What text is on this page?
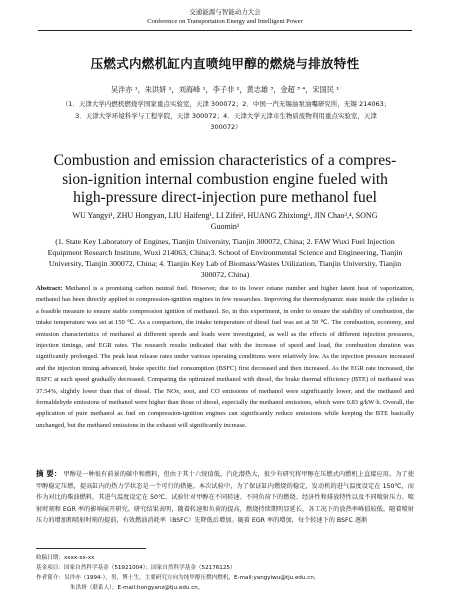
交通能源与智能动力大会
Conference on Transportation Energy and Intelligent Power
压燃式内燃机缸内直喷纯甲醇的燃烧与排放特性
吴泮亦 ¹，朱洪妍 ¹，刘海峰 ¹，李子非 ²，黄志雄 ³，金超 ³ ⁴，宋国民 ¹
（1．天津大学内燃机燃烧学国家重点实验室，天津 300072；2．中国一汽无锡油泵油嘴研究所，无锡 214063；
3．天津大学环境科学与工程学院，天津 300072；4．天津大学天津市生物质废物利用重点实验室，天津
300072）
Combustion and emission characteristics of a compres-
sion-ignition internal combustion engine fueled with
high-pressure direct-injection pure methanol fuel
WU Yangyi¹, ZHU Hongyan, LIU Haifeng¹, LI Zifei², HUANG Zhixiong³, JIN Chao³,⁴, SONG
Guomin¹
(1. State Key Laboratory of Engines, Tianjin University, Tianjin 300072, China; 2. FAW Wuxi Fuel Injection Equipment Research Institute, Wuxi 214063, China;3. School of Environmental Science and Engineering, Tianjin University, Tianjin 300072, China; 4. Tianjin Key Lab of Biomass/Wastes Utilization, Tianjin University, Tianjin 300072, China)
Abstract: Methanol is a promising carbon neutral fuel. However, due to its lower cetane number and higher latent heat of vaporization, methanol has been directly applied to compression-ignition engines in few researches. Improving the thermodynamic state inside the cylinder is a feasible measure to ensure stable compression ignition of methanol. So, in this experiment, in order to ensure the stability of combustion, the intake temperature was set at 150 ℃. As a comparison, the intake temperature of diesel fuel was set at 50 ℃. The combustion, economy, and emission characteristics of methanol at different speeds and loads were investigated, as well as the effects of different injection pressures, injection timings, and EGR rates. The research results indicated that with the increase of speed and load, the combustion duration was significantly prolonged. The peak heat release rates under various operating conditions were relatively low. As the injection pressure increased and the injection timing advanced, brake specific fuel consumption (BSFC) first decreased and then increased. As the EGR rate increased, the BSFC at each speed gradually decreased. Comparing the optimized methanol with diesel, the brake thermal efficiency (BTE) of methanol was 37.54%, slightly lower than that of diesel. The NOx, soot, and CO emissions of methanol were significantly lower, and the methanol and formaldehyde emissions of methanol were higher than those of diesel, especially the methanol emissions, which were 0.83 g/kW·h. Overall, the application of pure methanol as fuel on compression-ignition engines can significantly reduce emissions while keeping the BTE basically unchanged, but the methanol emissions in the exhaust will significantly increase.
摘 要： 甲醇是一种很有前景的碳中和燃料，但由于其十六烷值低，汽化潜热大，很少有研究将甲醇在压燃式内燃机上直接应用。为了使甲醇稳定压燃，提高缸内的热力学状态是一个可行的措施。本次试验中，为了保证缸内燃烧的稳定，发动机的进气温度设定在 150℃，而作为对比的柴油燃料，其进气温度设定在 50℃。试验针对甲醇在不同转速、不同负荷下的燃烧、经济性和排放特性以及不同喷射压力、喷射时刻和 EGR 率的影响展开研究。研究结果表明，随着转速和负荷的提高，燃烧持续期明显延长，各工况下的放热率峰值较低。随着喷射压力的增加和喷射时刻的提前，有效燃油消耗率（BSFC）先降低后增加。随着 EGR 率的增加，每个转速下的 BSFC 逐渐
收稿日期：xxxx-xx-xx
基金项目：国家自然科学基金（51921004）；国家自然科学基金（52176125）
作者简介：吴泮亦（1994-），男，博士生，主要研究方向为纯甲醇压燃内燃机，E-mail:yangyiwu@tju.edu.cn。
朱洪妍（联系人），E-mail:hongyanz@tju.edu.cn。
